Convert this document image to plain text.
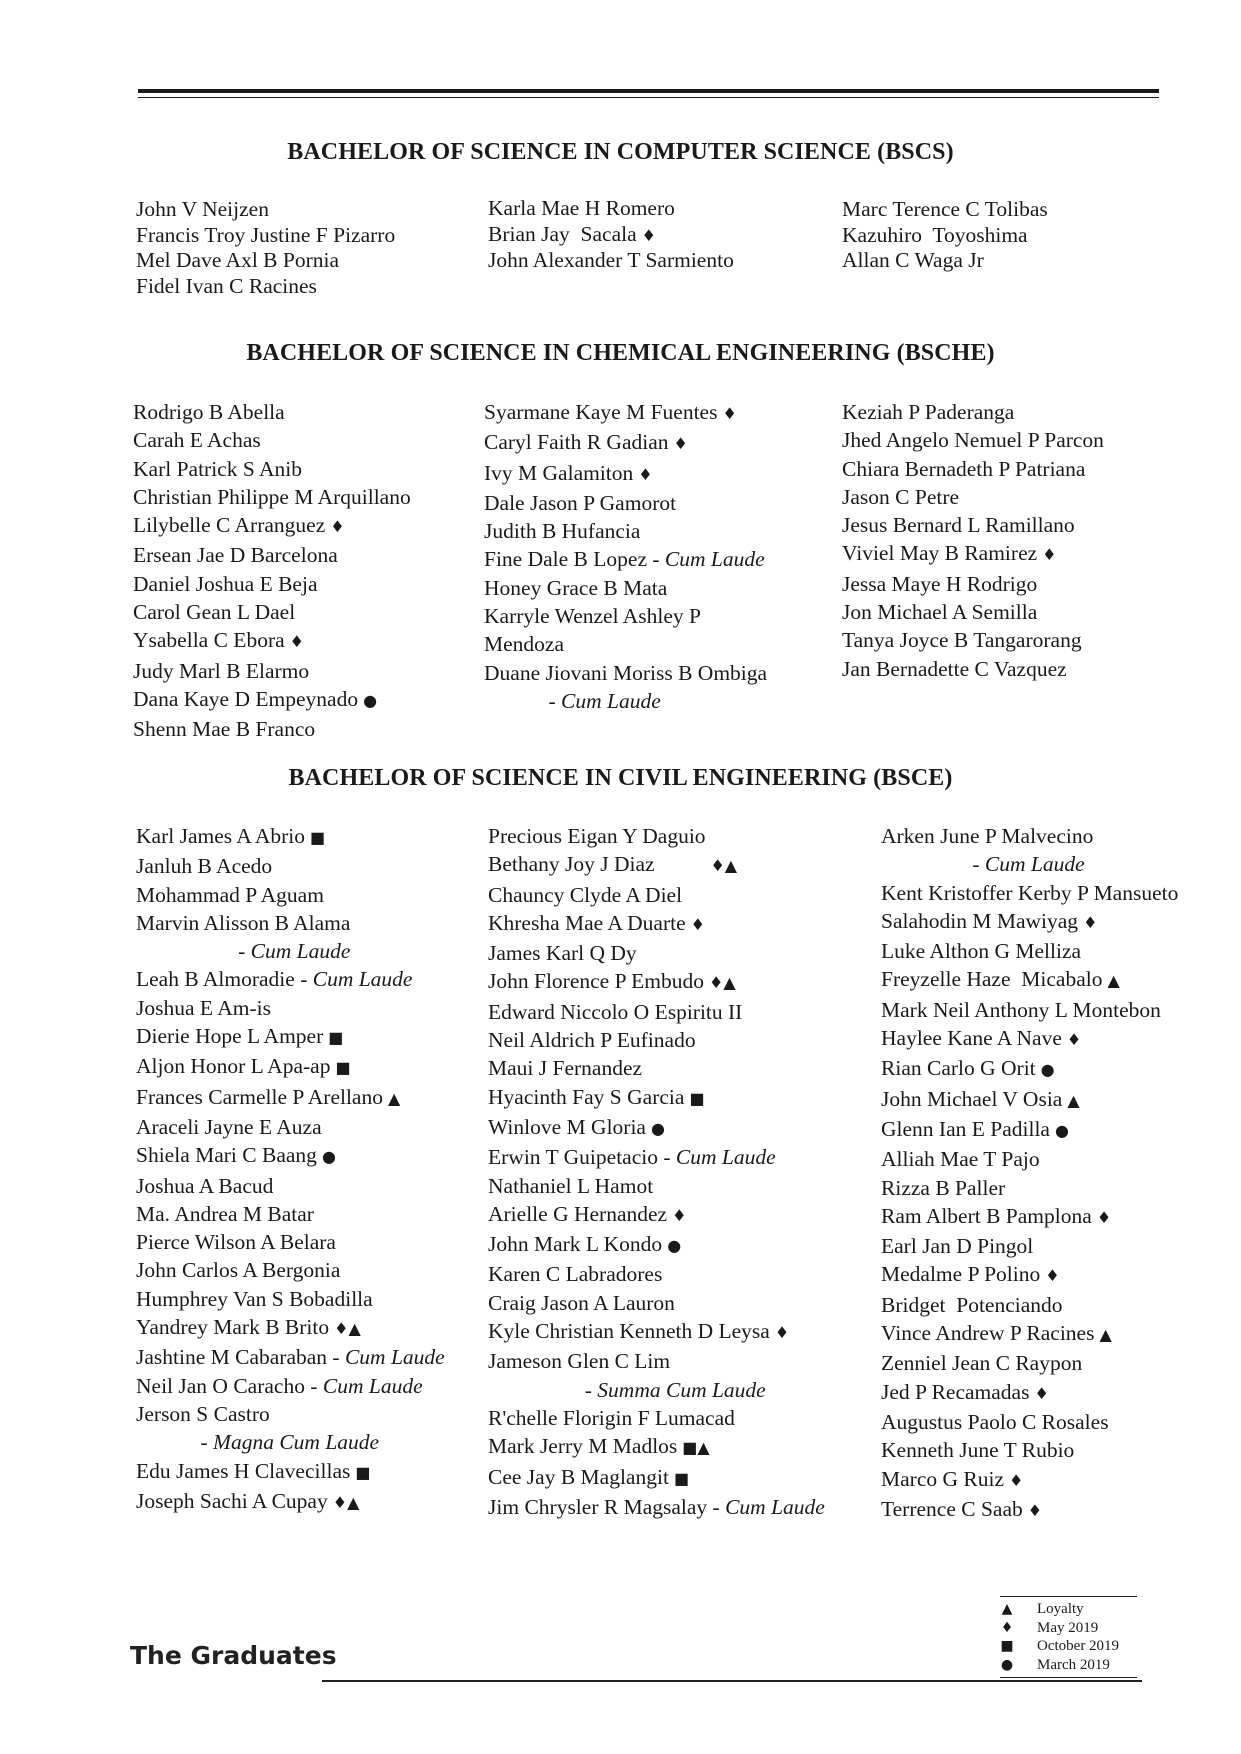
BACHELOR OF SCIENCE IN COMPUTER SCIENCE (BSCS)
John V Neijzen
Francis Troy Justine F Pizarro
Mel Dave Axl B Pornia
Fidel Ivan C Racines
Karla Mae H Romero
Brian Jay  Sacala ♦
John Alexander T Sarmiento
Marc Terence C Tolibas
Kazuhiro  Toyoshima
Allan C Waga Jr
BACHELOR OF SCIENCE IN CHEMICAL ENGINEERING (BSCHE)
Rodrigo B Abella
Carah E Achas
Karl Patrick S Anib
Christian Philippe M Arquillano
Lilybelle C Arranguez ♦
Ersean Jae D Barcelona
Daniel Joshua E Beja
Carol Gean L Dael
Ysabella C Ebora ♦
Judy Marl B Elarmo
Dana Kaye D Empeynado ●
Shenn Mae B Franco
Syarmane Kaye M Fuentes ♦
Caryl Faith R Gadian ♦
Ivy M Galamiton ♦
Dale Jason P Gamorot
Judith B Hufancia
Fine Dale B Lopez - Cum Laude
Honey Grace B Mata
Karryle Wenzel Ashley P
Mendoza
Duane Jiovani Moriss B Ombiga
- Cum Laude
Keziah P Paderanga
Jhed Angelo Nemuel P Parcon
Chiara Bernadeth P Patriana
Jason C Petre
Jesus Bernard L Ramillano
Viviel May B Ramirez ♦
Jessa Maye H Rodrigo
Jon Michael A Semilla
Tanya Joyce B Tangarorang
Jan Bernadette C Vazquez
BACHELOR OF SCIENCE IN CIVIL ENGINEERING (BSCE)
Karl James A Abrio ■
Janluh B Acedo
Mohammad P Aguam
Marvin Alisson B Alama
- Cum Laude
Leah B Almoradie - Cum Laude
Joshua E Am-is
Dierie Hope L Amper ■
Aljon Honor L Apa-ap ■
Frances Carmelle P Arellano ▲
Araceli Jayne E Auza
Shiela Mari C Baang ●
Joshua A Bacud
Ma. Andrea M Batar
Pierce Wilson A Belara
John Carlos A Bergonia
Humphrey Van S Bobadilla
Yandrey Mark B Brito ♦▲
Jashtine M Cabaraban - Cum Laude
Neil Jan O Caracho - Cum Laude
Jerson S Castro
- Magna Cum Laude
Edu James H Clavecillas ■
Joseph Sachi A Cupay ♦▲
Precious Eigan Y Daguio
Bethany Joy J Diaz          ♦▲
Chauncy Clyde A Diel
Khresha Mae A Duarte ♦
James Karl Q Dy
John Florence P Embudo ♦▲
Edward Niccolo O Espiritu II
Neil Aldrich P Eufinado
Maui J Fernandez
Hyacinth Fay S Garcia ■
Winlove M Gloria ●
Erwin T Guipetacio - Cum Laude
Nathaniel L Hamot
Arielle G Hernandez ♦
John Mark L Kondo ●
Karen C Labradores
Craig Jason A Lauron
Kyle Christian Kenneth D Leysa ♦
Jameson Glen C Lim
- Summa Cum Laude
R'chelle Florigin F Lumacad
Mark Jerry M Madlos ■▲
Cee Jay B Maglangit ■
Jim Chrysler R Magsalay - Cum Laude
Arken June P Malvecino
- Cum Laude
Kent Kristoffer Kerby P Mansueto
Salahodin M Mawiyag ♦
Luke Althon G Melliza
Freyzelle Haze  Micabalo ▲
Mark Neil Anthony L Montebon
Haylee Kane A Nave ♦
Rian Carlo G Orit ●
John Michael V Osia ▲
Glenn Ian E Padilla ●
Alliah Mae T Pajo
Rizza B Paller
Ram Albert B Pamplona ♦
Earl Jan D Pingol
Medalme P Polino ♦
Bridget  Potenciando
Vince Andrew P Racines ▲
Zenniel Jean C Raypon
Jed P Recamadas ♦
Augustus Paolo C Rosales
Kenneth June T Rubio
Marco G Ruiz ♦
Terrence C Saab ♦
The Graduates
▲ Loyalty
♦ May 2019
■ October 2019
● March 2019
